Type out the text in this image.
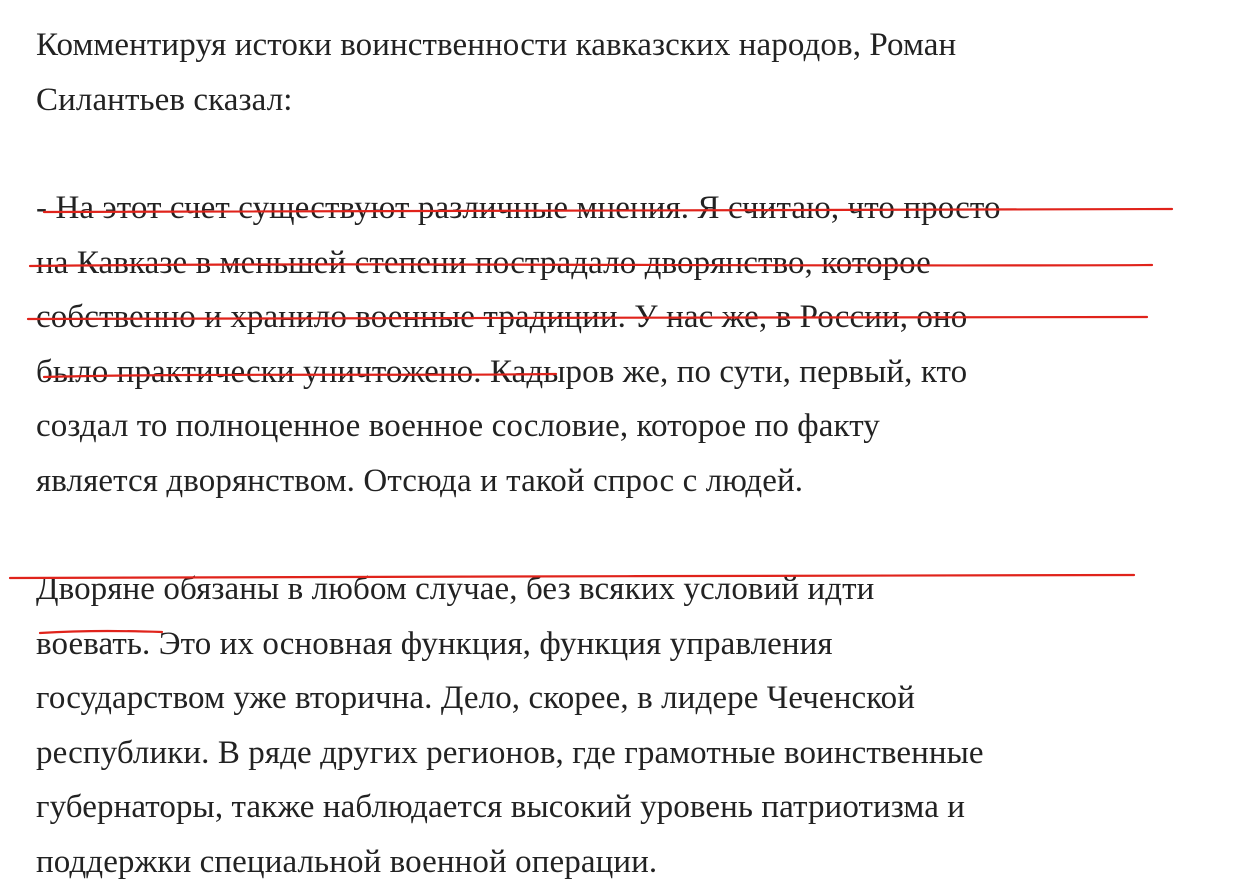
Комментируя истоки воинственности кавказских народов, Роман
Силантьев сказал:

- На этот счет существуют различные мнения. Я считаю, что просто
на Кавказе в меньшей степени пострадало дворянство, которое
собственно и хранило военные традиции. У нас же, в России, оно
было практически уничтожено. Кадыров же, по сути, первый, кто
создал то полноценное военное сословие, которое по факту
является дворянством. Отсюда и такой спрос с людей.

Дворяне обязаны в любом случае, без всяких условий идти
воевать. Это их основная функция, функция управления
государством уже вторична. Дело, скорее, в лидере Чеченской
республики. В ряде других регионов, где грамотные воинственные
губернаторы, также наблюдается высокий уровень патриотизма и
поддержки специальной военной операции.
